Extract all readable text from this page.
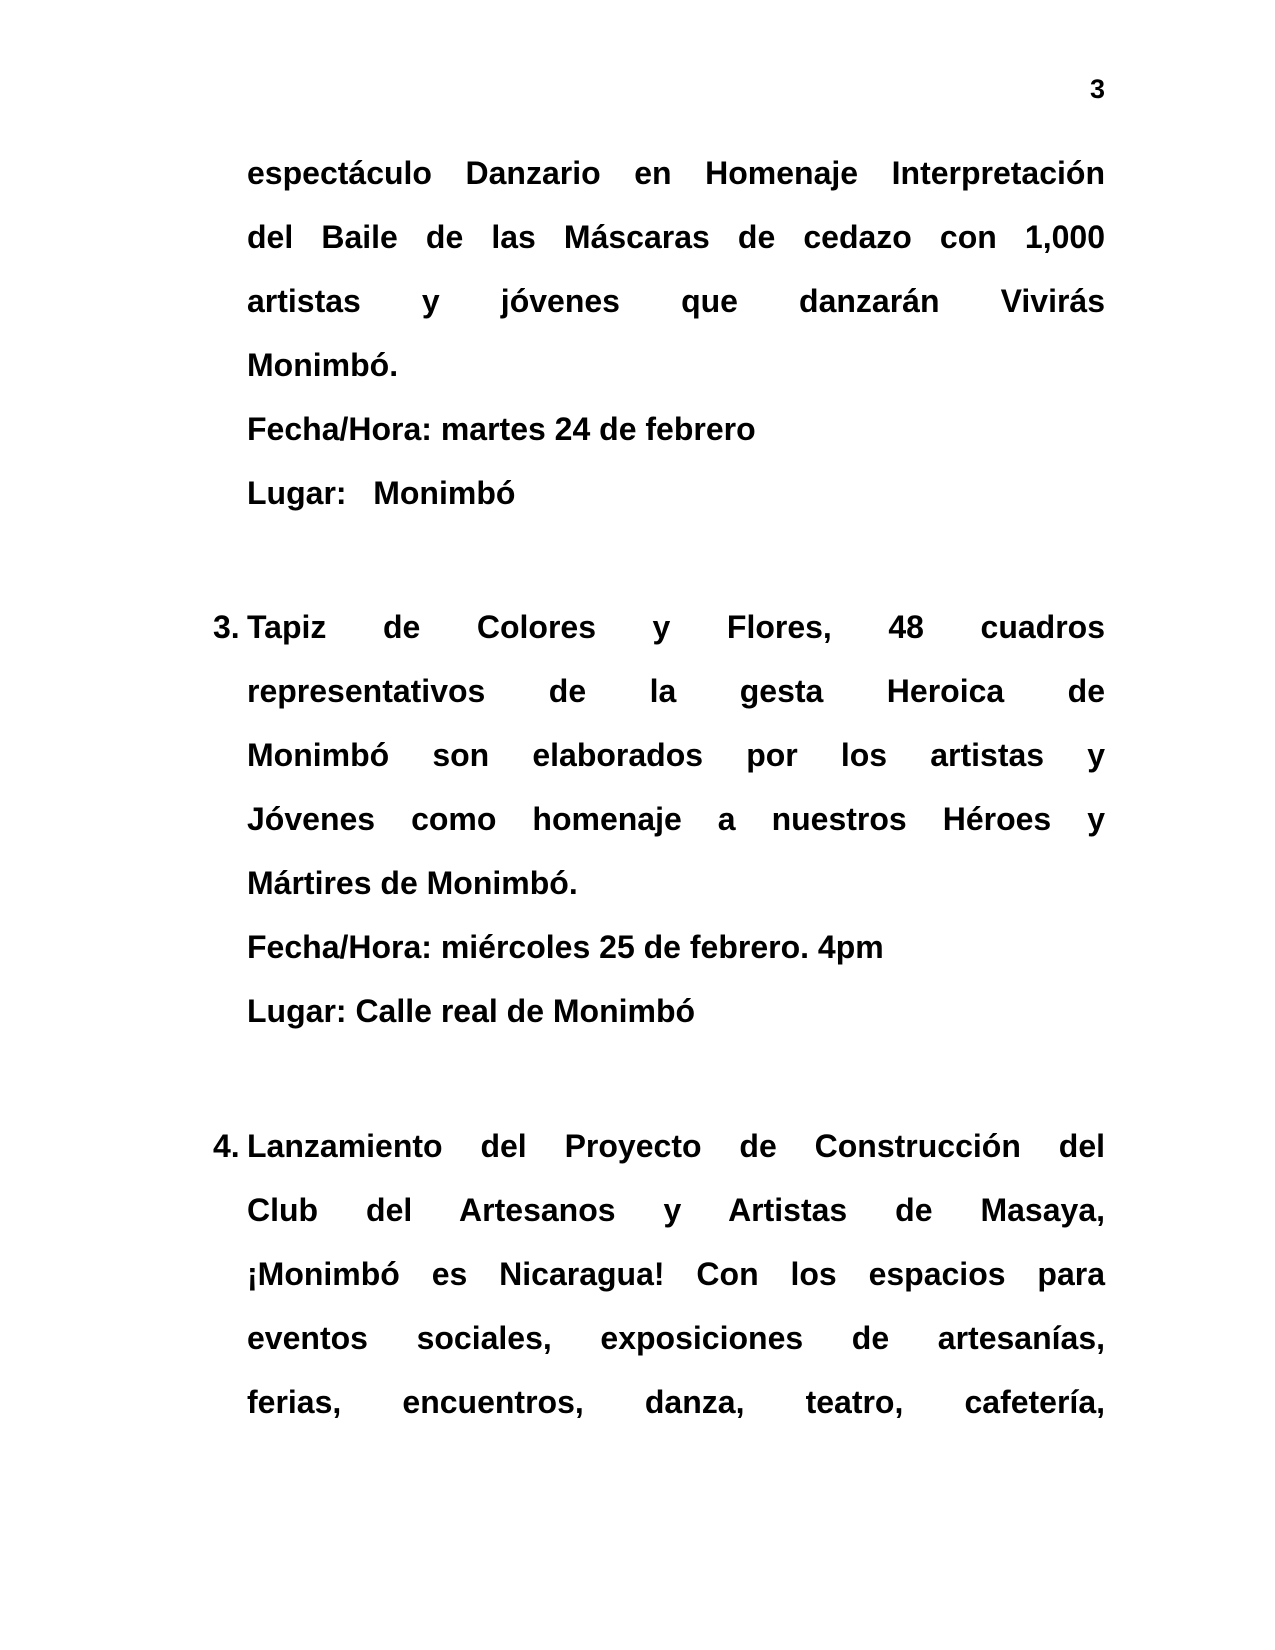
3
espectáculo Danzario en Homenaje Interpretación
del Baile de las Máscaras de cedazo con 1,000
artistas y jóvenes que danzarán Vivirás
Monimbó.
Fecha/Hora: martes 24 de febrero
Lugar:   Monimbó
3. Tapiz de Colores y Flores, 48 cuadros
representativos de la gesta Heroica de
Monimbó son elaborados por los artistas y
Jóvenes como homenaje a nuestros Héroes y
Mártires de Monimbó.
Fecha/Hora: miércoles 25 de febrero. 4pm
Lugar: Calle real de Monimbó
4. Lanzamiento del Proyecto de Construcción del
Club del Artesanos y Artistas de Masaya,
¡Monimbó es Nicaragua! Con los espacios para
eventos sociales, exposiciones de artesanías,
ferias, encuentros, danza, teatro, cafetería,
